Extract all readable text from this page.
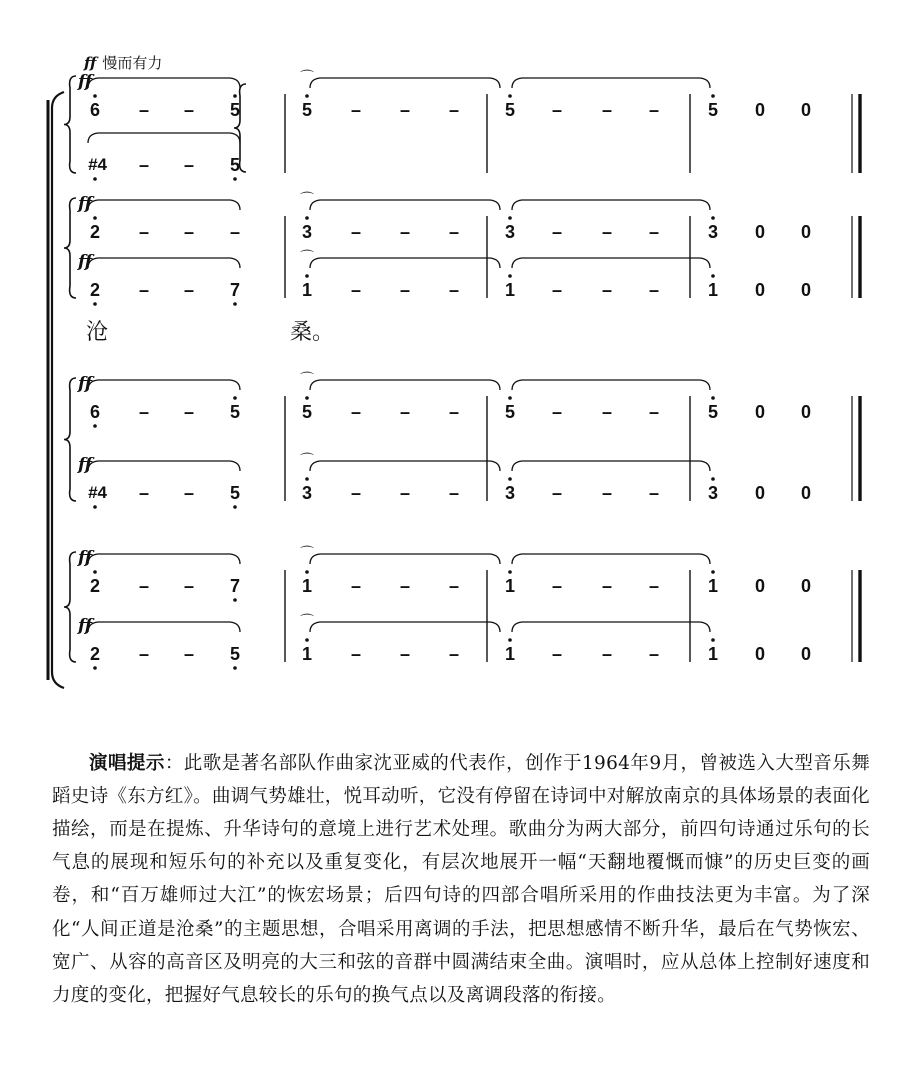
ff 慢而有力
ff
6 – – 5	5 – – –	5 – – –	5 0 0
⌒
#4 – – 5
ff
2 – – –	3 – – –	3 – – –	3 0 0
⌒
ff
2 – – 7	1 – – –	1 – – –	1 0 0
⌒
ff
6 – – 5	5 – – –	5 – – –	5 0 0
⌒
ff
#4 – – 5	3 – – –	3 – – –	3 0 0
⌒
ff
2 – – 7	1 – – –	1 – – –	1 0 0
⌒
ff
2 – – 5	1 – – –	1 – – –	1 0 0
⌒
沧	桑。

演唱提示：此歌是著名部队作曲家沈亚威的代表作，创作于1964年9月，曾被选入大型音乐舞蹈史诗《东方红》。曲调气势雄壮，悦耳动听，它没有停留在诗词中对解放南京的具体场景的表面化描绘，而是在提炼、升华诗句的意境上进行艺术处理。歌曲分为两大部分，前四句诗通过乐句的长气息的展现和短乐句的补充以及重复变化，有层次地展开一幅“天翻地覆慨而慷”的历史巨变的画卷，和“百万雄师过大江”的恢宏场景；后四句诗的四部合唱所采用的作曲技法更为丰富。为了深化“人间正道是沧桑”的主题思想，合唱采用离调的手法，把思想感情不断升华，最后在气势恢宏、宽广、从容的高音区及明亮的大三和弦的音群中圆满结束全曲。演唱时，应从总体上控制好速度和力度的变化，把握好气息较长的乐句的换气点以及离调段落的衔接。
